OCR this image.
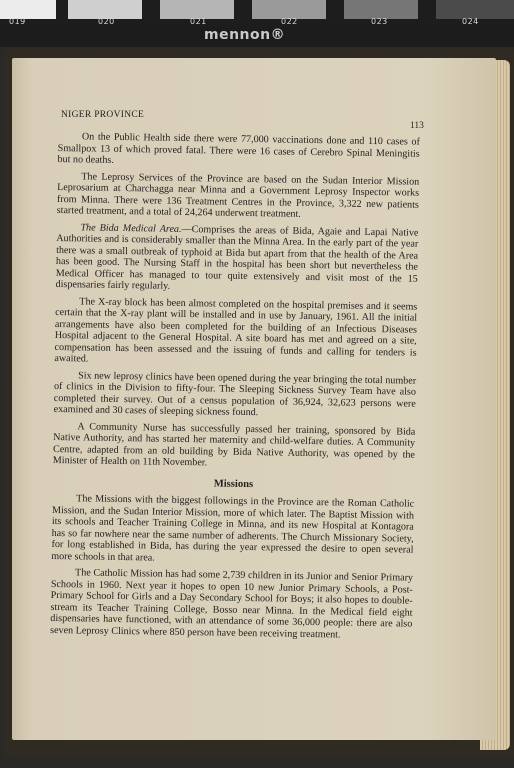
019	020	021	022	023	024
mennon®
NIGER PROVINCE
113

On the Public Health side there were 77,000 vaccinations done and 110 cases of Smallpox 13 of which proved fatal. There were 16 cases of Cerebro Spinal Meningitis but no deaths.

The Leprosy Services of the Province are based on the Sudan Interior Mission Leprosarium at Charchagga near Minna and a Government Leprosy Inspector works from Minna. There were 136 Treatment Centres in the Province, 3,322 new patients started treatment, and a total of 24,264 underwent treatment.

The Bida Medical Area.—Comprises the areas of Bida, Agaie and Lapai Native Authorities and is considerably smaller than the Minna Area. In the early part of the year there was a small outbreak of typhoid at Bida but apart from that the health of the Area has been good. The Nursing Staff in the hospital has been short but nevertheless the Medical Officer has managed to tour quite extensively and visit most of the 15 dispensaries fairly regularly.

The X-ray block has been almost completed on the hospital premises and it seems certain that the X-ray plant will be installed and in use by January, 1961. All the initial arrangements have also been completed for the building of an Infectious Diseases Hospital adjacent to the General Hospital. A site board has met and agreed on a site, compensation has been assessed and the issuing of funds and calling for tenders is awaited.

Six new leprosy clinics have been opened during the year bringing the total number of clinics in the Division to fifty-four. The Sleeping Sickness Survey Team have also completed their survey. Out of a census population of 36,924, 32,623 persons were examined and 30 cases of sleeping sickness found.

A Community Nurse has successfully passed her training, sponsored by Bida Native Authority, and has started her maternity and child-welfare duties. A Community Centre, adapted from an old building by Bida Native Authority, was opened by the Minister of Health on 11th November.

Missions

The Missions with the biggest followings in the Province are the Roman Catholic Mission, and the Sudan Interior Mission, more of which later. The Baptist Mission with its schools and Teacher Training College in Minna, and its new Hospital at Kontagora has so far nowhere near the same number of adherents. The Church Missionary Society, for long established in Bida, has during the year expressed the desire to open several more schools in that area.

The Catholic Mission has had some 2,739 children in its Junior and Senior Primary Schools in 1960. Next year it hopes to open 10 new Junior Primary Schools, a Post-Primary School for Girls and a Day Secondary School for Boys; it also hopes to double-stream its Teacher Training College, Bosso near Minna. In the Medical field eight dispensaries have functioned, with an attendance of some 36,000 people: there are also seven Leprosy Clinics where 850 person have been receiving treatment.
